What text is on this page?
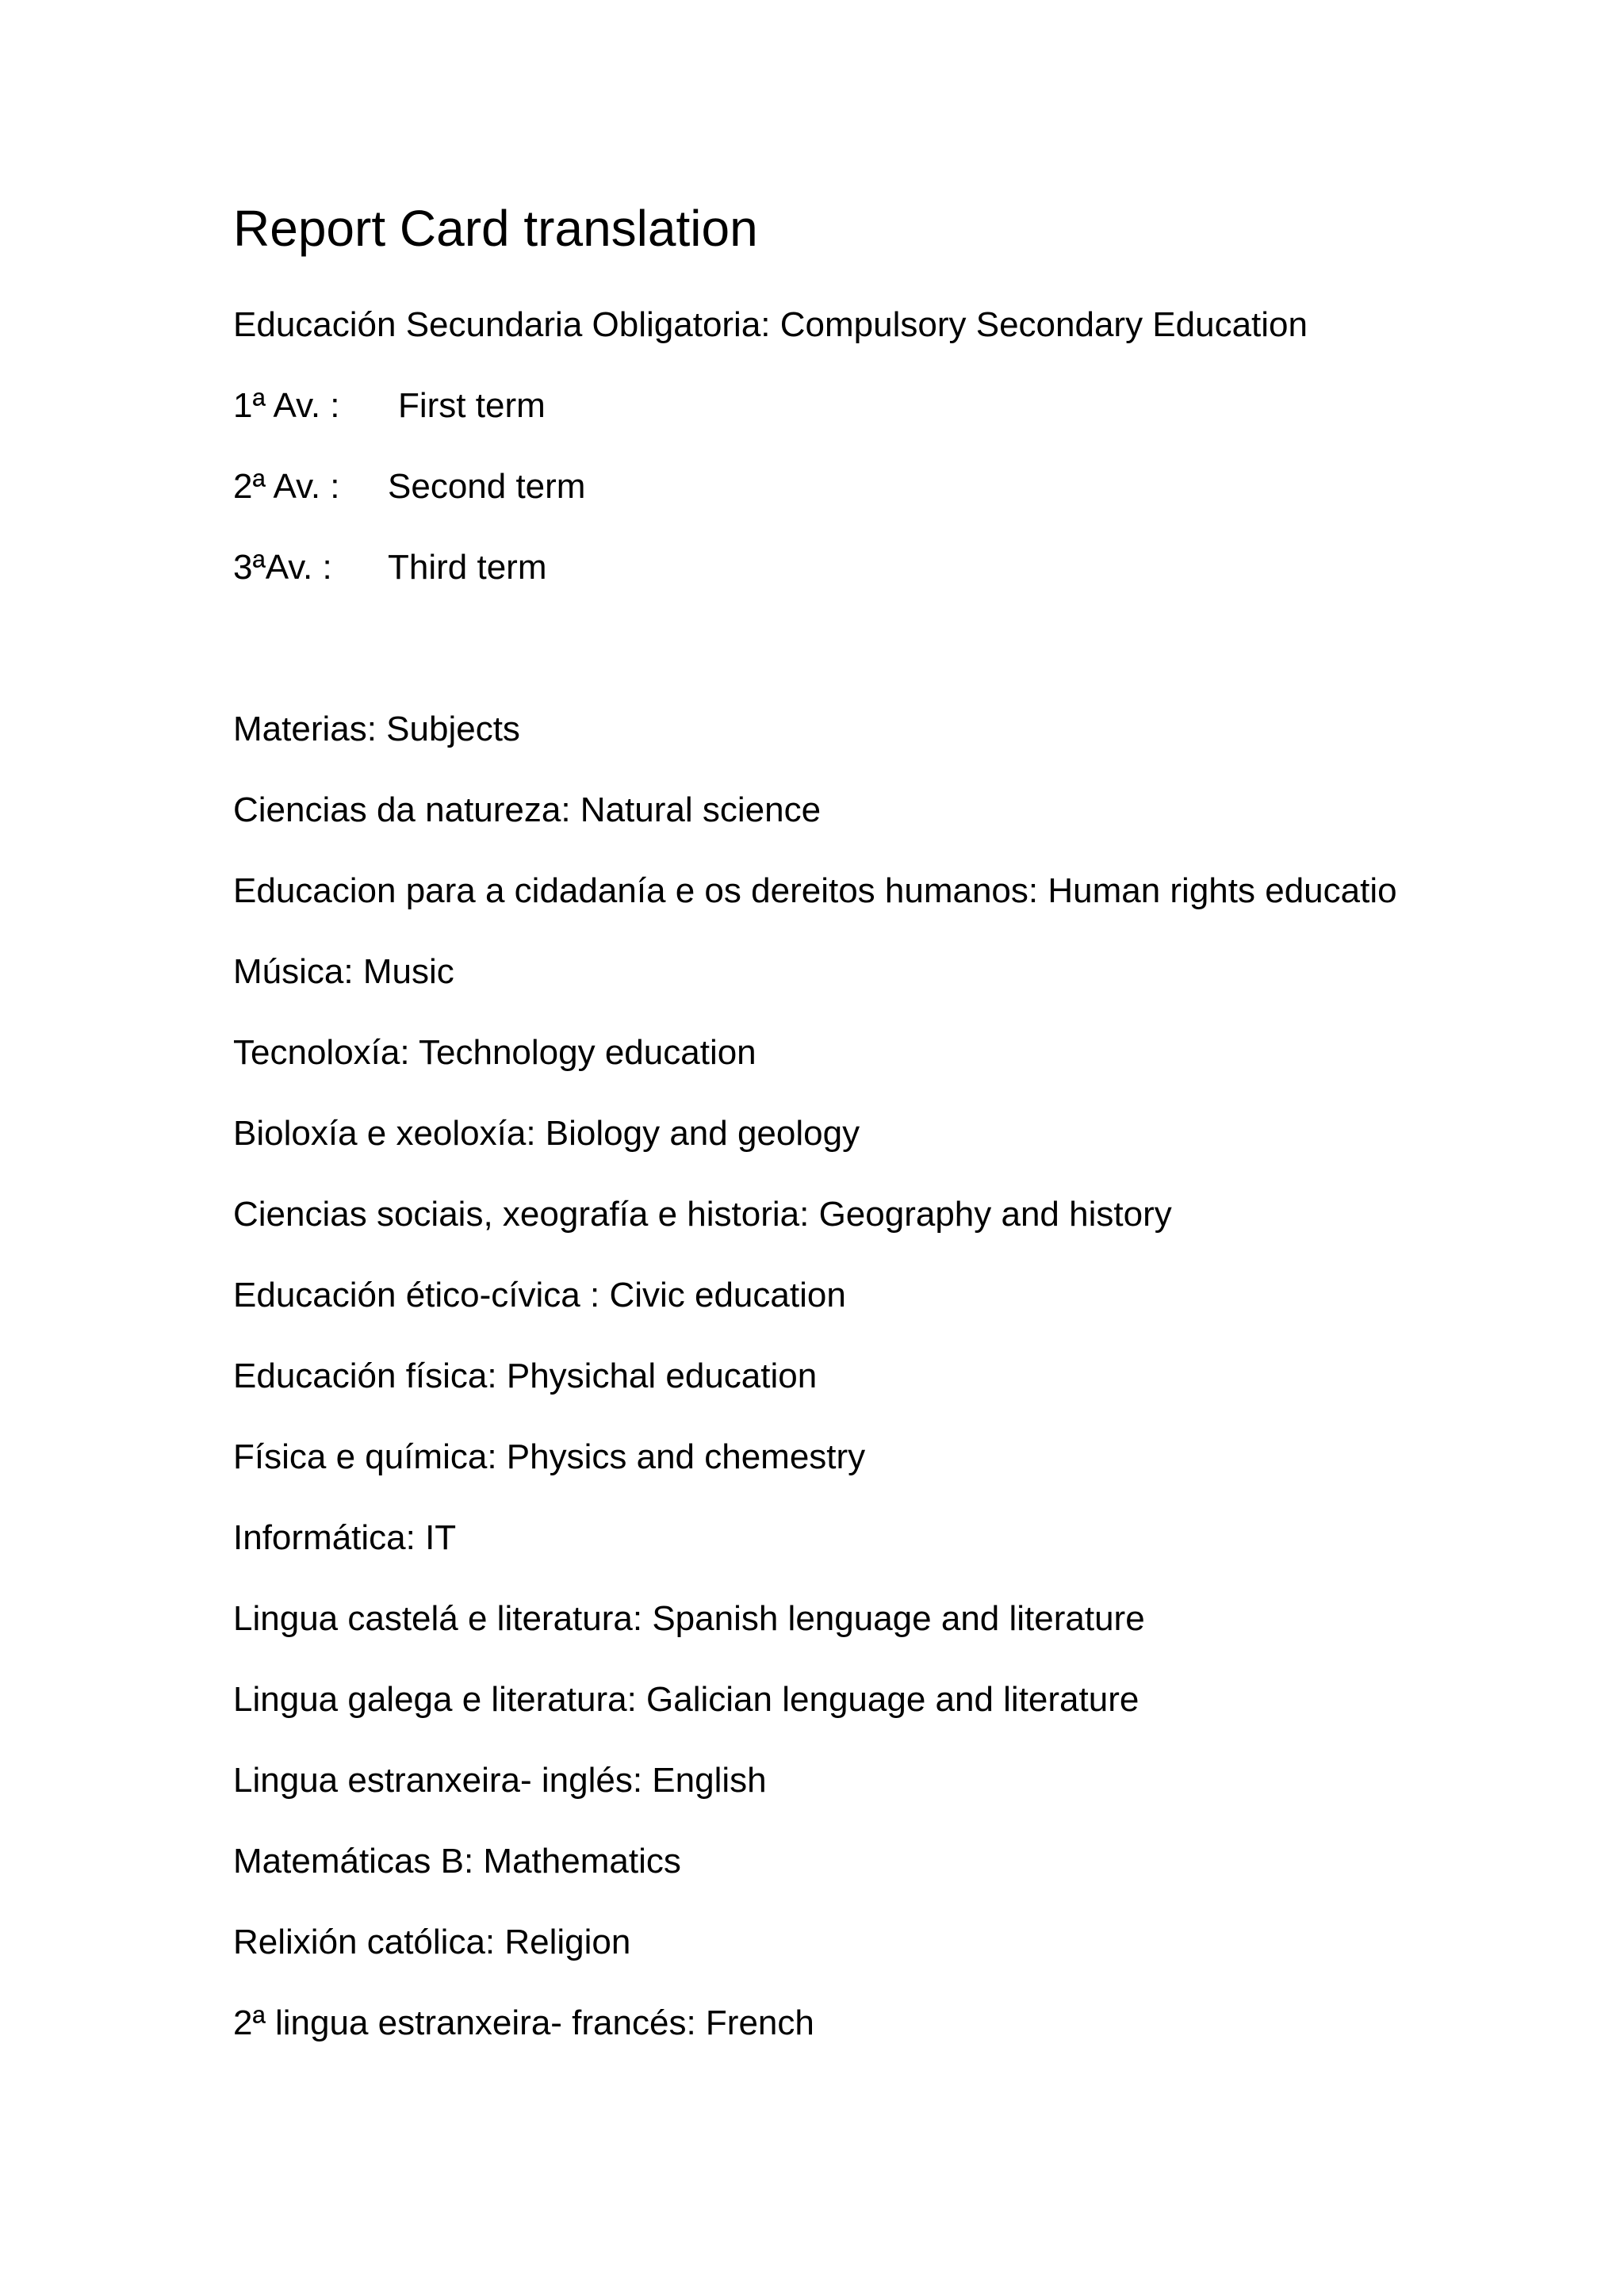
Report Card translation

Educación Secundaria Obligatoria: Compulsory Secondary Education

1ª Av. : First term

2ª Av. : Second term

3ªAv. : Third term

Materias: Subjects

Ciencias da natureza: Natural science

Educacion para a cidadanía e os dereitos humanos: Human rights educatio

Música: Music

Tecnoloxía: Technology education

Bioloxía e xeoloxía: Biology and geology

Ciencias sociais, xeografía e historia: Geography and history

Educación ético-cívica : Civic education

Educación física: Physichal education

Física e química: Physics and chemestry

Informática: IT

Lingua castelá e literatura: Spanish lenguage and literature

Lingua galega e literatura: Galician lenguage and literature

Lingua estranxeira- inglés: English

Matemáticas B: Mathematics

Relixión católica: Religion

2ª lingua estranxeira- francés: French
